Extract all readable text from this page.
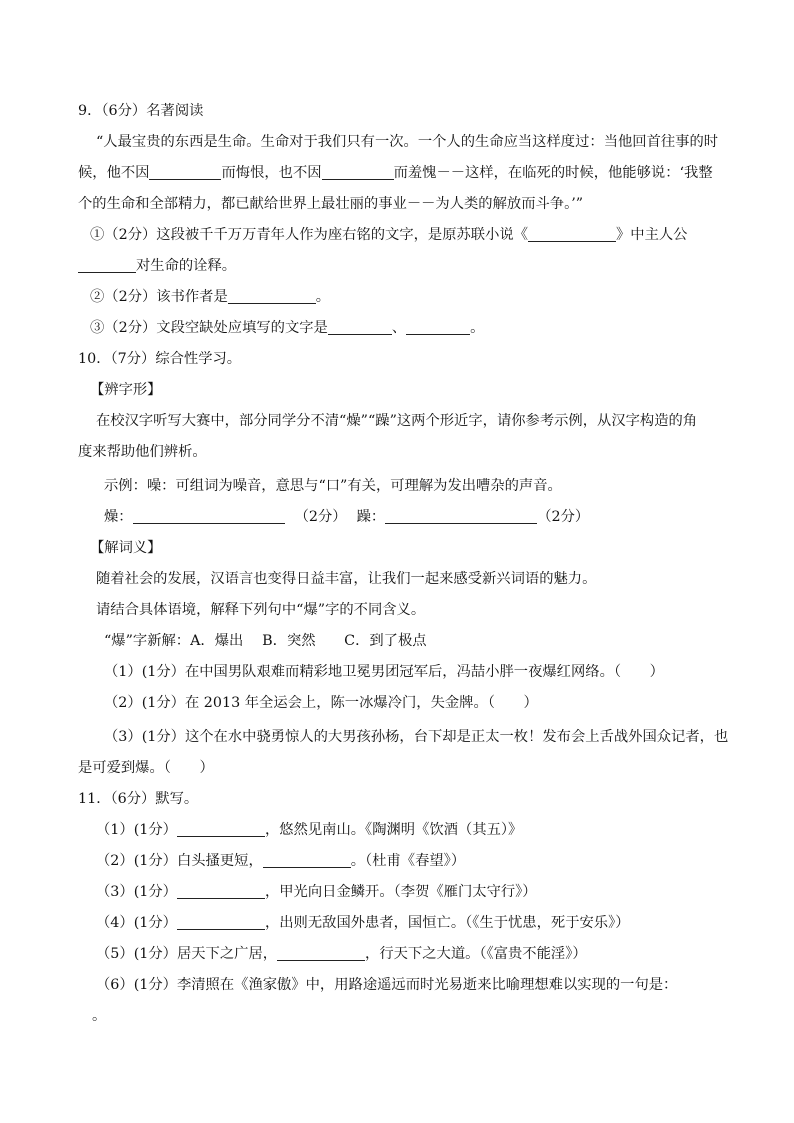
9．（6分）名著阅读
“人最宝贵的东西是生命。生命对于我们只有一次。一个人的生命应当这样度过：当他回首往事的时
候，他不因	而悔恨，也不因	而羞愧－－这样，在临死的时候，他能够说：‘我整
个的生命和全部精力，都已献给世界上最壮丽的事业－－为人类的解放而斗争。’”
①（2分）这段被千千万万青年人作为座右铭的文字，是原苏联小说《	》中主人公
对生命的诠释。
②（2分）该书作者是	。
③（2分）文段空缺处应填写的文字是	、	。
10．（7分）综合性学习。
【辨字形】
在校汉字听写大赛中，部分同学分不清“燥”“躁”这两个形近字，请你参考示例，从汉字构造的角
度来帮助他们辨析。
示例：噪：可组词为噪音，意思与“口”有关，可理解为发出嘈杂的声音。
燥：	（2分） 躁：	（2分）
【解词义】
随着社会的发展，汉语言也变得日益丰富，让我们一起来感受新兴词语的魅力。
请结合具体语境，解释下列句中“爆”字的不同含义。
“爆”字新解：A．爆出　 B．突然　　C．到了极点
（1）(1分）在中国男队艰难而精彩地卫冕男团冠军后，冯喆小胖一夜爆红网络。（　　）
（2）(1分）在 2013 年全运会上，陈一冰爆冷门，失金牌。（　　）
（3）(1分）这个在水中骁勇惊人的大男孩孙杨，台下却是正太一枚！发布会上舌战外国众记者，也
是可爱到爆。（　　）
11．（6分）默写。
（1）(1分）	，悠然见南山。《陶渊明《饮酒（其五）》
（2）(1分）白头搔更短，	。（杜甫《春望》）
（3）(1分）	，甲光向日金鳞开。（李贺《雁门太守行》）
（4）(1分）	，出则无敌国外患者，国恒亡。（《生于忧患，死于安乐》）
（5）(1分）居天下之广居，	，行天下之大道。（《富贵不能淫》）
（6）(1分）李清照在《渔家傲》中，用路途遥远而时光易逝来比喻理想难以实现的一句是：
。
